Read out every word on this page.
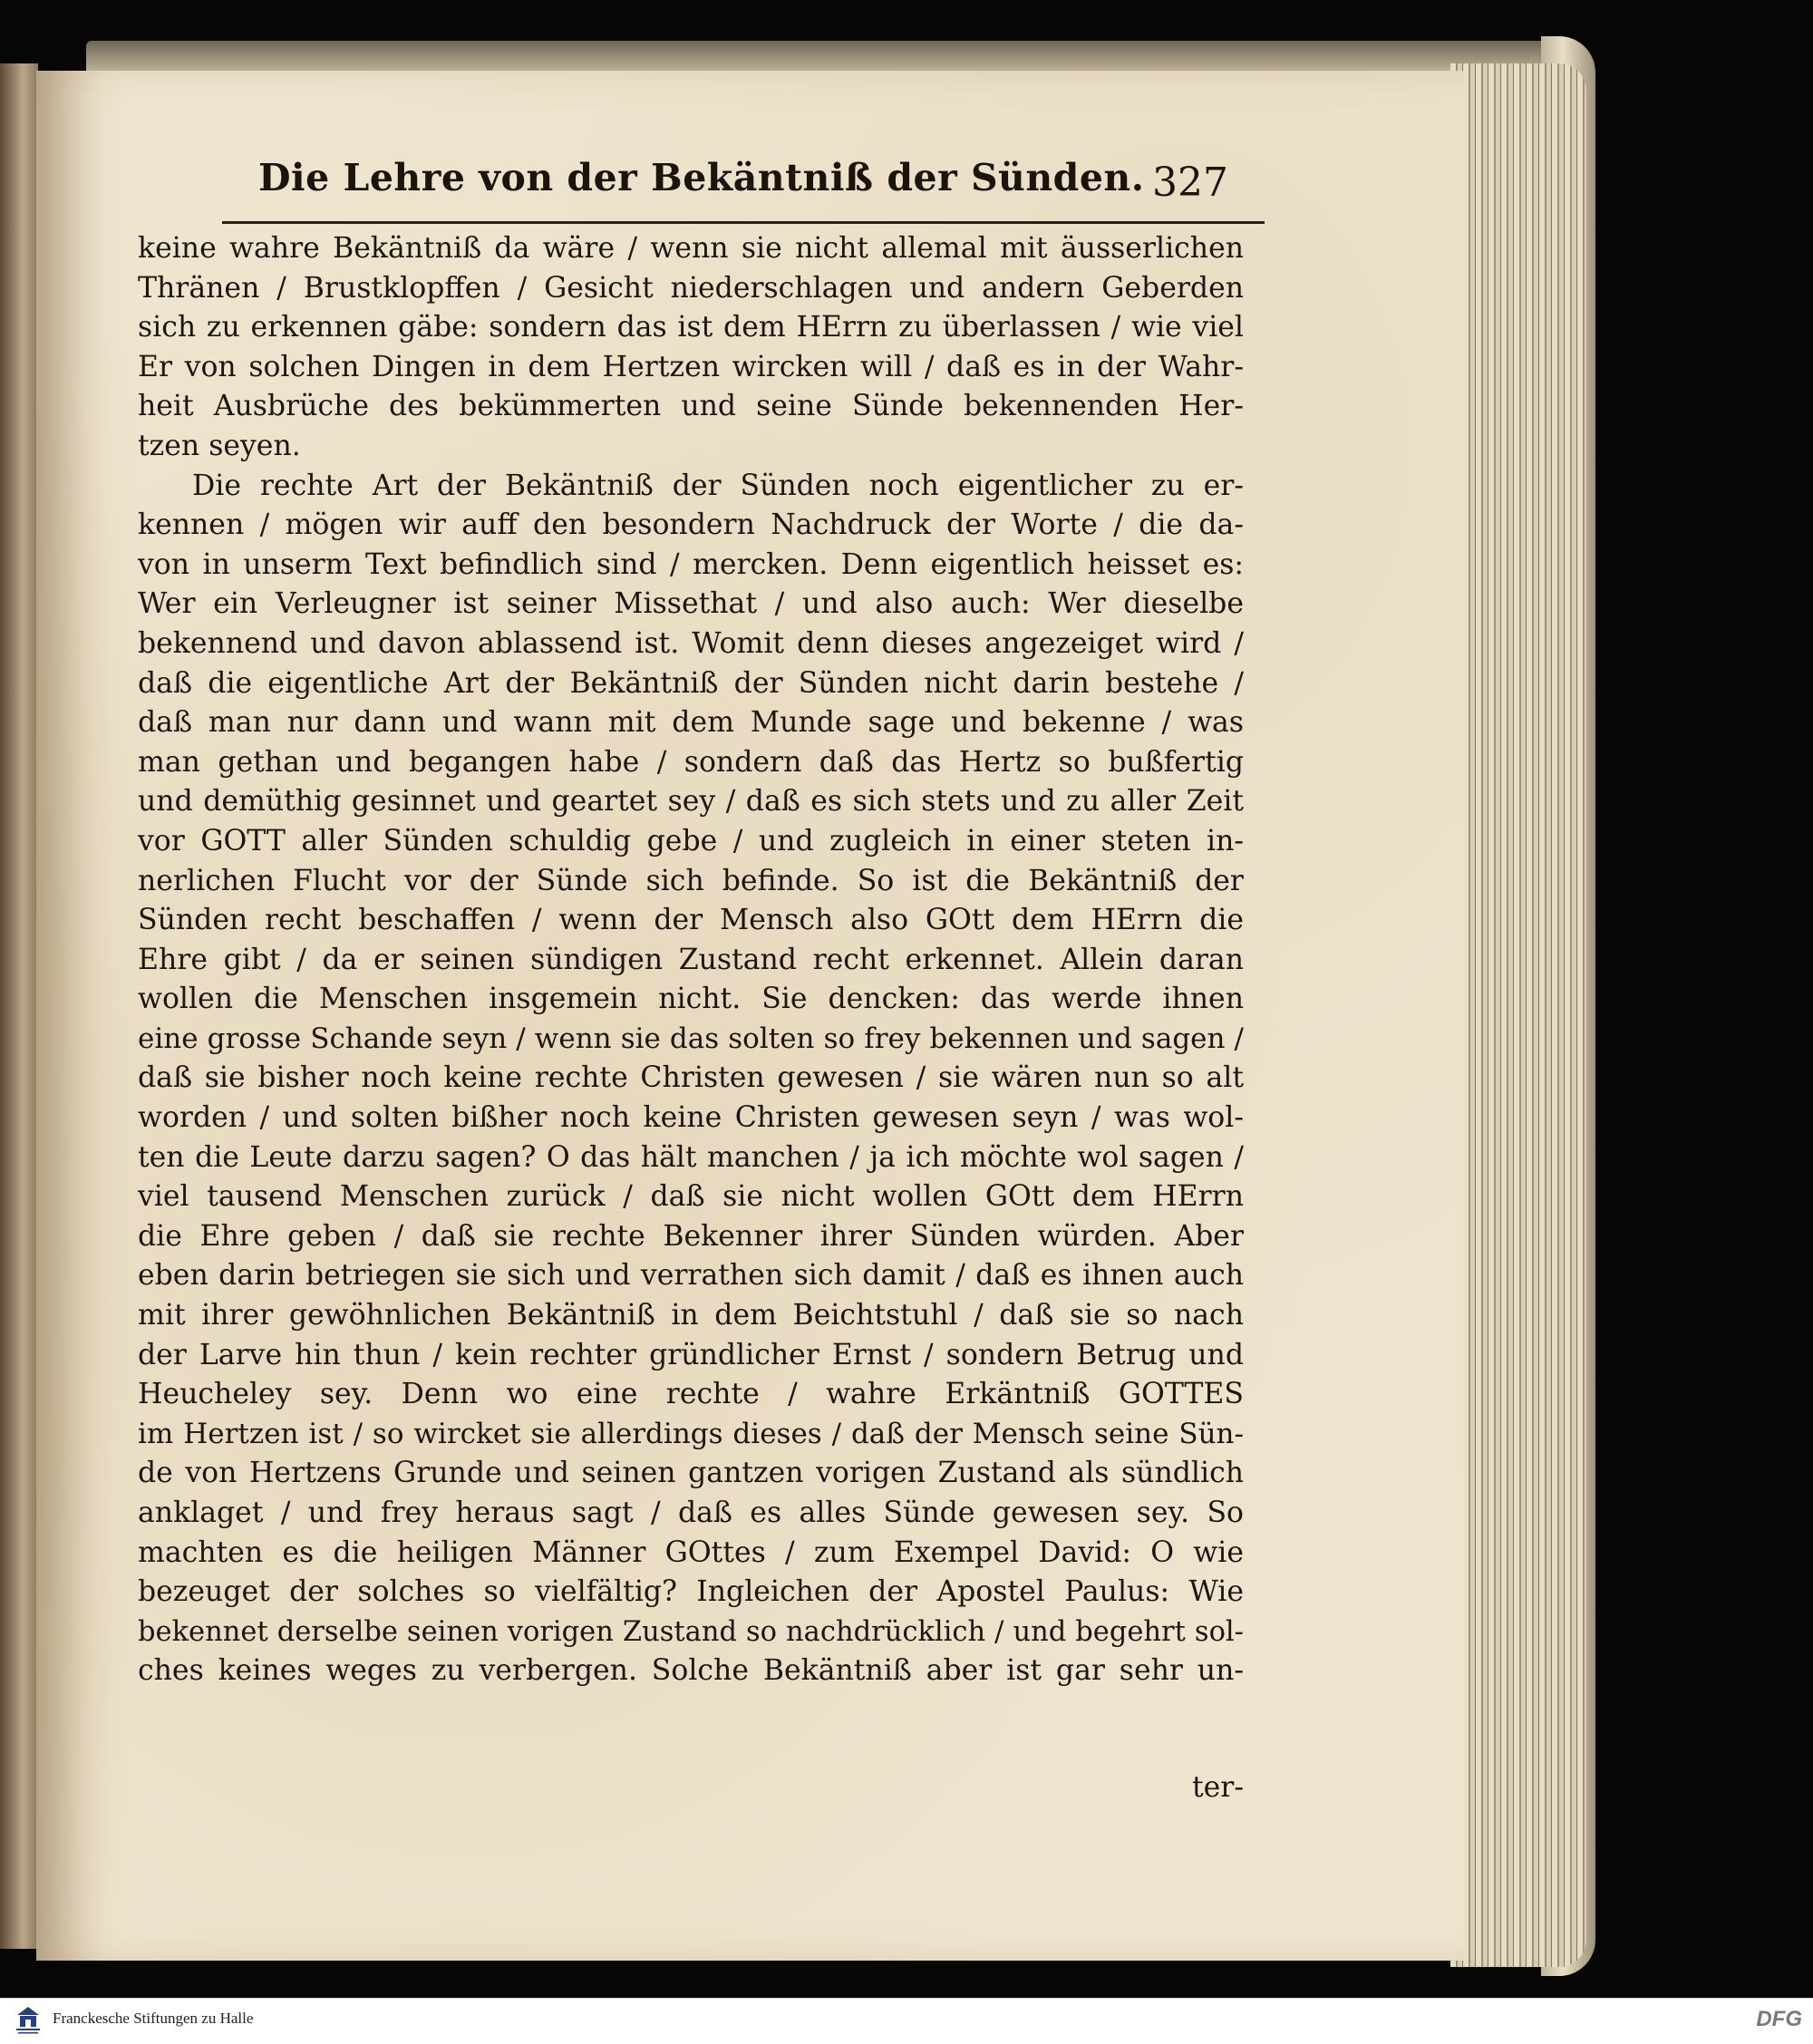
Die Lehre von der Bekäntniß der Sünden. 327
keine wahre Bekäntniß da wäre / wenn sie nicht allemal mit äusserlichen
Thränen / Brustklopffen / Gesicht niederschlagen und andern Geberden
sich zu erkennen gäbe: sondern das ist dem HErrn zu überlassen / wie viel
Er von solchen Dingen in dem Hertzen wircken will / daß es in der Wahr-
heit Ausbrüche des bekümmerten und seine Sünde bekennenden Her-
tzen seyen.
Die rechte Art der Bekäntniß der Sünden noch eigentlicher zu er-
kennen / mögen wir auff den besondern Nachdruck der Worte / die da-
von in unserm Text befindlich sind / mercken. Denn eigentlich heisset es:
Wer ein Verleugner ist seiner Missethat / und also auch: Wer dieselbe
bekennend und davon ablassend ist. Womit denn dieses angezeiget wird /
daß die eigentliche Art der Bekäntniß der Sünden nicht darin bestehe /
daß man nur dann und wann mit dem Munde sage und bekenne / was
man gethan und begangen habe / sondern daß das Hertz so bußfertig
und demüthig gesinnet und geartet sey / daß es sich stets und zu aller Zeit
vor GOTT aller Sünden schuldig gebe / und zugleich in einer steten in-
nerlichen Flucht vor der Sünde sich befinde. So ist die Bekäntniß der
Sünden recht beschaffen / wenn der Mensch also GOtt dem HErrn die
Ehre gibt / da er seinen sündigen Zustand recht erkennet. Allein daran
wollen die Menschen insgemein nicht. Sie dencken: das werde ihnen
eine grosse Schande seyn / wenn sie das solten so frey bekennen und sagen /
daß sie bisher noch keine rechte Christen gewesen / sie wären nun so alt
worden / und solten bißher noch keine Christen gewesen seyn / was wol-
ten die Leute darzu sagen? O das hält manchen / ja ich möchte wol sagen /
viel tausend Menschen zurück / daß sie nicht wollen GOtt dem HErrn
die Ehre geben / daß sie rechte Bekenner ihrer Sünden würden. Aber
eben darin betriegen sie sich und verrathen sich damit / daß es ihnen auch
mit ihrer gewöhnlichen Bekäntniß in dem Beichtstuhl / daß sie so nach
der Larve hin thun / kein rechter gründlicher Ernst / sondern Betrug und
Heucheley sey. Denn wo eine rechte / wahre Erkäntniß GOTTES
im Hertzen ist / so wircket sie allerdings dieses / daß der Mensch seine Sün-
de von Hertzens Grunde und seinen gantzen vorigen Zustand als sündlich
anklaget / und frey heraus sagt / daß es alles Sünde gewesen sey. So
machten es die heiligen Männer GOttes / zum Exempel David: O wie
bezeuget der solches so vielfältig? Ingleichen der Apostel Paulus: Wie
bekennet derselbe seinen vorigen Zustand so nachdrücklich / und begehrt sol-
ches keines weges zu verbergen. Solche Bekäntniß aber ist gar sehr un-
ter-
Franckesche Stiftungen zu Halle	DFG
